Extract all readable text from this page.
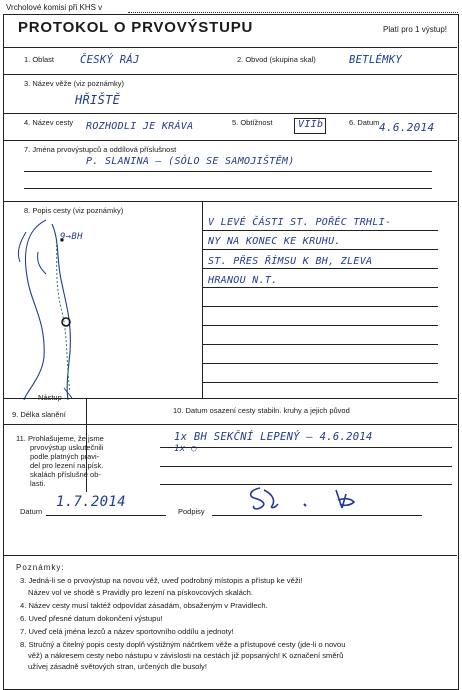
Vrcholové komisi při KHS v
PROTOKOL O PRVOVÝSTUPU	Platí pro 1 výstup!
1. Oblast ČESKÝ RÁJ	2. Obvod (skupina skal)	BETLÉMKY
3. Název věže (viz poznámky)
HŘIŠTĚ
4. Název cesty ROZHODLI JE KRÁVA	5. Obtížnost	VIIb	6. Datum 4.6.2014
7. Jména prvovýstupců a oddílová příslušnost
P. SLANINA – (SÓLO SE SAMOJIŠTĚM)
8. Popis cesty (viz poznámky)
9→BH
Nástup
V LEVÉ ČÁSTI ST. POŘÉC TRHLI-
NY NA KONEC KE KRUHU.
ST. PŘES ŘÍMSU K BH, ZLEVA
HRANOU N.T.
9. Délka slanění	10. Datum osazení cesty stabiln. kruhy a jejich původ
11. Prohlašujeme, že jsme
prvovýstup uskutečnili
podle platných pravi-
del pro lezení na písk.
skalách příslušné ob-
lasti.
1x BH SEKČNÍ LEPENÝ – 4.6.2014
1x ○
Datum
1.7.2014
Podpisy
Poznámky:
3. Jedná-li se o prvovýstup na novou věž, uveď podrobný místopis a přístup ke věži!
Název vol ve shodě s Pravidly pro lezení na pískovcových skalách.
4. Název cesty musí taktéž odpovídat zásadám, obsaženým v Pravidlech.
6. Uveď přesné datum dokončení výstupu!
7. Uveď celá jména lezců a název sportovního oddílu a jednoty!
8. Stručný a čitelný popis cesty doplň výstižným náčrtkem věže a přístupové cesty (jde-li o novou
věž) a nákresem cesty nebo nástupu v závislosti na cestách již popsaných! K označení směrů
užívej zásadně světových stran, určených dle busoly!
